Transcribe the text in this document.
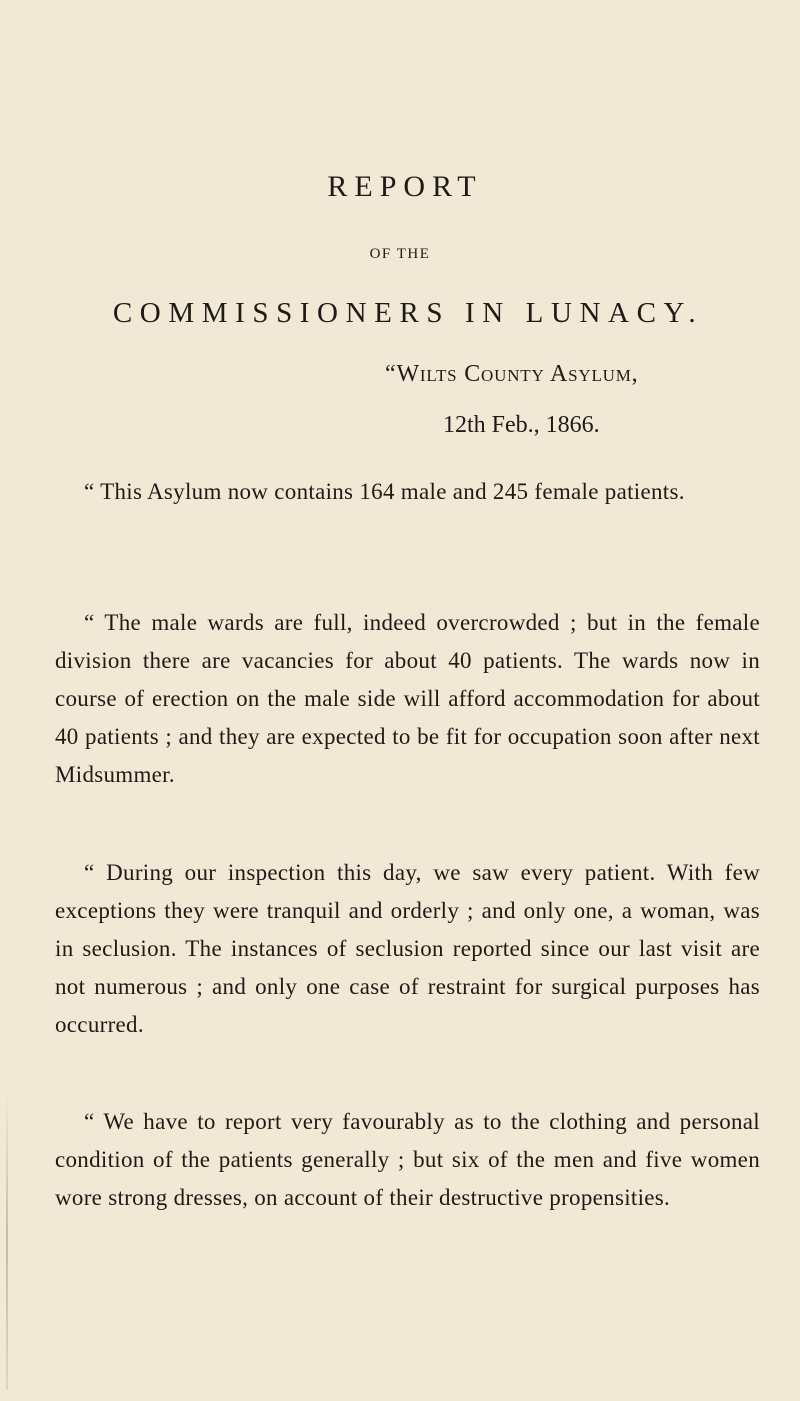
REPORT
OF THE
COMMISSIONERS IN LUNACY.
“Wilts County Asylum,
12th Feb., 1866.

“ This Asylum now contains 164 male and 245 female patients.

“ The male wards are full, indeed overcrowded ; but in the female division there are vacancies for about 40 patients. The wards now in course of erection on the male side will afford accommodation for about 40 patients ; and they are expected to be fit for occupation soon after next Midsummer.

“ During our inspection this day, we saw every patient. With few exceptions they were tranquil and orderly ; and only one, a woman, was in seclusion. The instances of seclusion reported since our last visit are not numerous ; and only one case of restraint for surgical purposes has occurred.

“ We have to report very favourably as to the clothing and personal condition of the patients generally ; but six of the men and five women wore strong dresses, on account of their destructive propensities.
